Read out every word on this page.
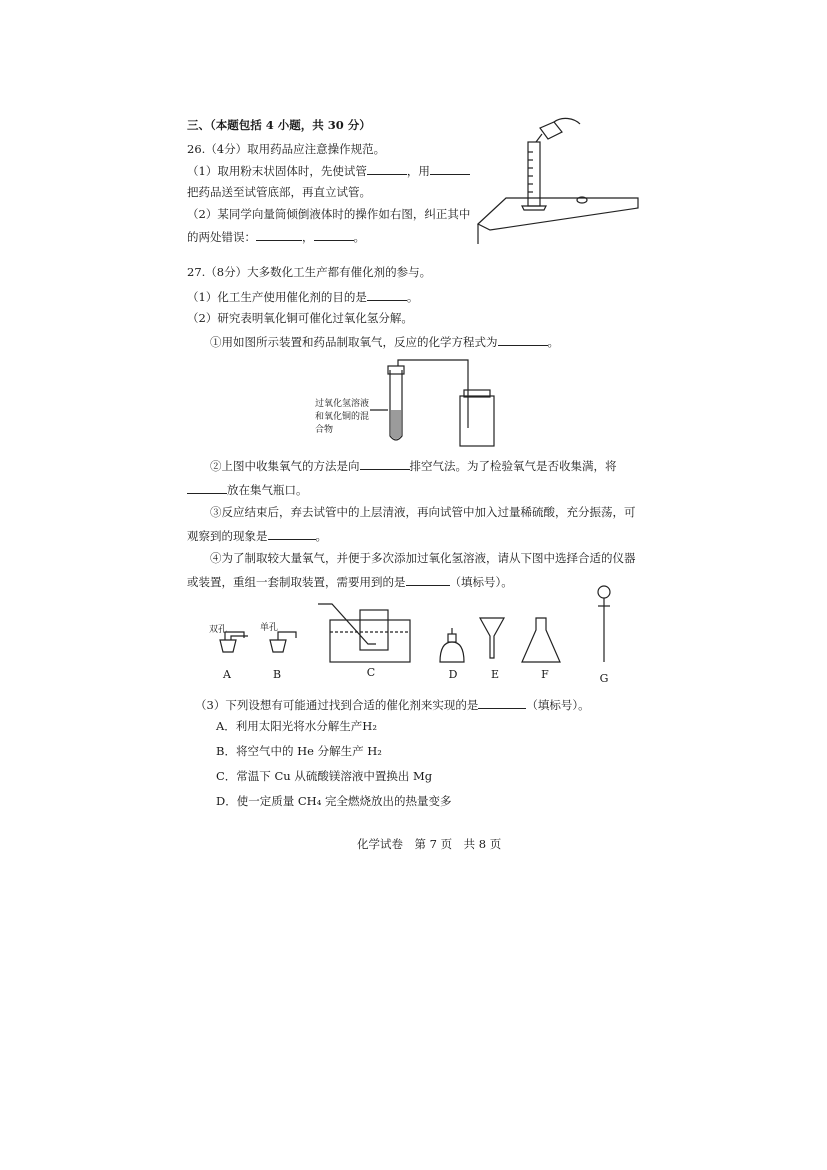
三、（本题包括 4 小题，共 30 分）
26.（4分）取用药品应注意操作规范。
（1）取用粉末状固体时，先使试管	，用
把药品送至试管底部，再直立试管。
（2）某同学向量筒倾倒液体时的操作如右图，纠正其中
的两处错误：	，	。
27.（8分）大多数化工生产都有催化剂的参与。
（1）化工生产使用催化剂的目的是	。
（2）研究表明氧化铜可催化过氧化氢分解。
①用如图所示装置和药品制取氧气，反应的化学方程式为	。
过氧化氢溶液
和氧化铜的混
合物
②上图中收集氧气的方法是向	排空气法。为了检验氧气是否收集满，将
放在集气瓶口。
③反应结束后，弃去试管中的上层清液，再向试管中加入过量稀硫酸，充分振荡，可
观察到的现象是	。
④为了制取较大量氧气，并便于多次添加过氧化氢溶液，请从下图中选择合适的仪器
或装置，重组一套制取装置，需要用到的是	（填标号）。
双孔	单孔
A	B	C	D	E	F	G
（3）下列设想有可能通过找到合适的催化剂来实现的是	（填标号）。
A．利用太阳光将水分解生产H₂
B．将空气中的 He 分解生产 H₂
C．常温下 Cu 从硫酸镁溶液中置换出 Mg
D．使一定质量 CH₄ 完全燃烧放出的热量变多
化学试卷　第 7 页　共 8 页
